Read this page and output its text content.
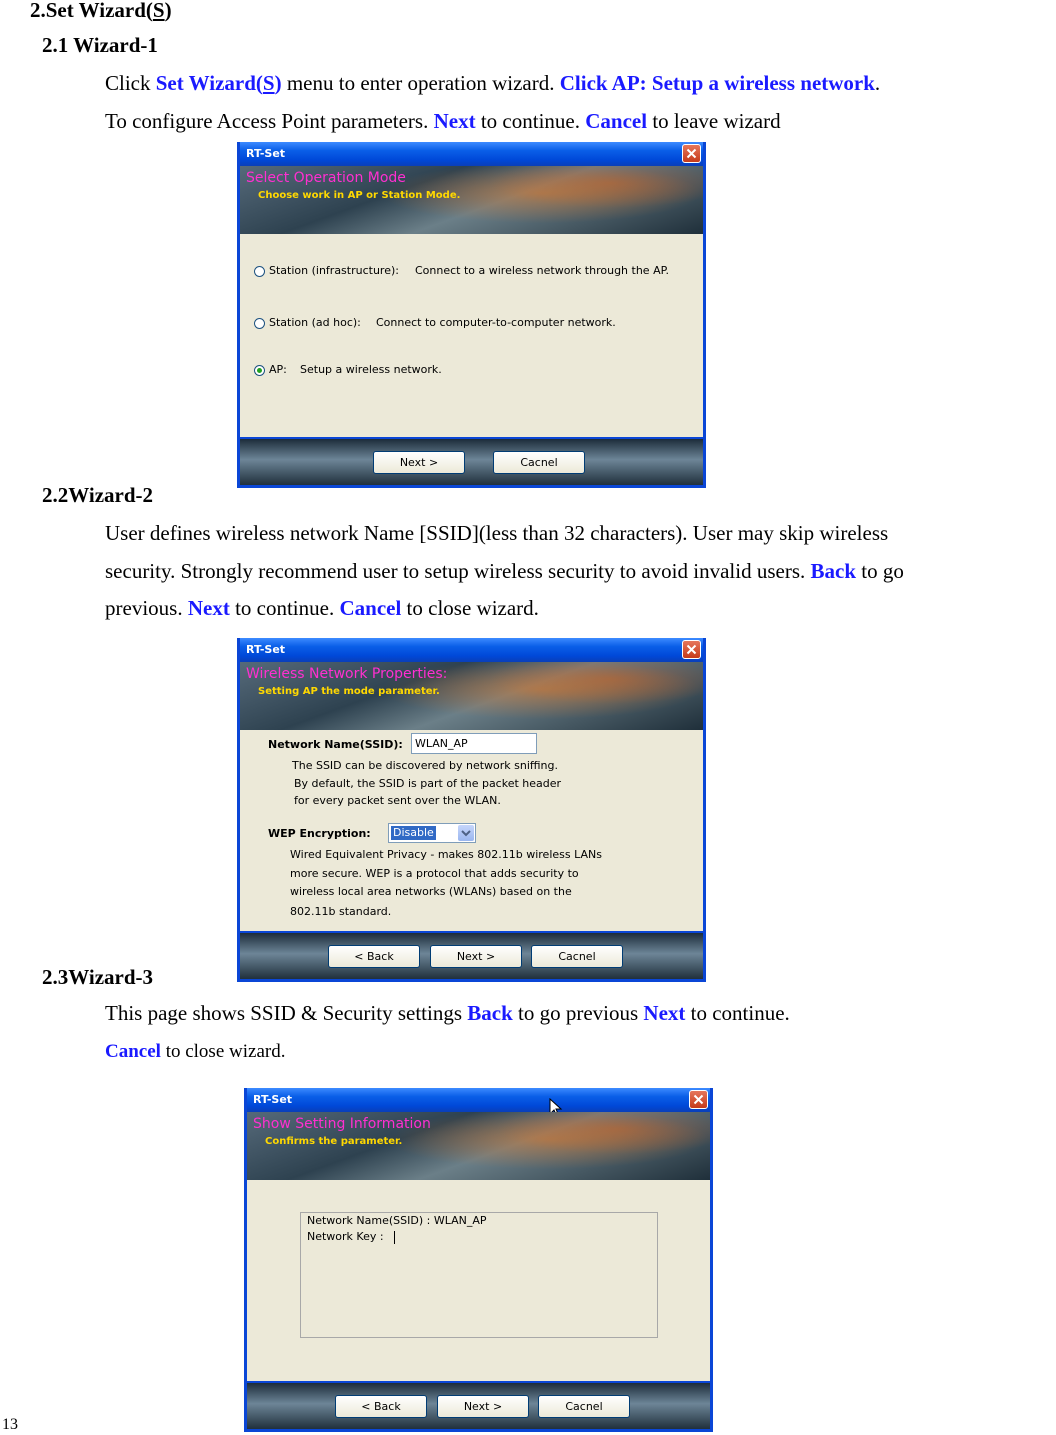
2.Set Wizard(S)
2.1 Wizard-1
Click Set Wizard(S) menu to enter operation wizard. Click AP: Setup a wireless network.
To configure Access Point parameters. Next to continue. Cancel to leave wizard
RT-Set
Select Operation Mode
Choose work in AP or Station Mode.
Station (infrastructure): Connect to a wireless network through the AP.
Station (ad hoc): Connect to computer-to-computer network.
AP: Setup a wireless network.
Next >	Cacnel
2.2Wizard-2
User defines wireless network Name [SSID](less than 32 characters). User may skip wireless
security. Strongly recommend user to setup wireless security to avoid invalid users. Back to go
previous. Next to continue. Cancel to close wizard.
RT-Set
Wireless Network Properties:
Setting AP the mode parameter.
Network Name(SSID):	WLAN_AP
The SSID can be discovered by network sniffing.
By default, the SSID is part of the packet header
for every packet sent over the WLAN.
WEP Encryption: Disable
Wired Equivalent Privacy - makes 802.11b wireless LANs
more secure. WEP is a protocol that adds security to
wireless local area networks (WLANs) based on the
802.11b standard.
< Back	Next >	Cacnel
2.3Wizard-3
This page shows SSID & Security settings Back to go previous Next to continue.
Cancel to close wizard.
RT-Set
Show Setting Information
Confirms the parameter.
Network Name(SSID) : WLAN_AP
Network Key :
< Back	Next >	Cacnel
13
